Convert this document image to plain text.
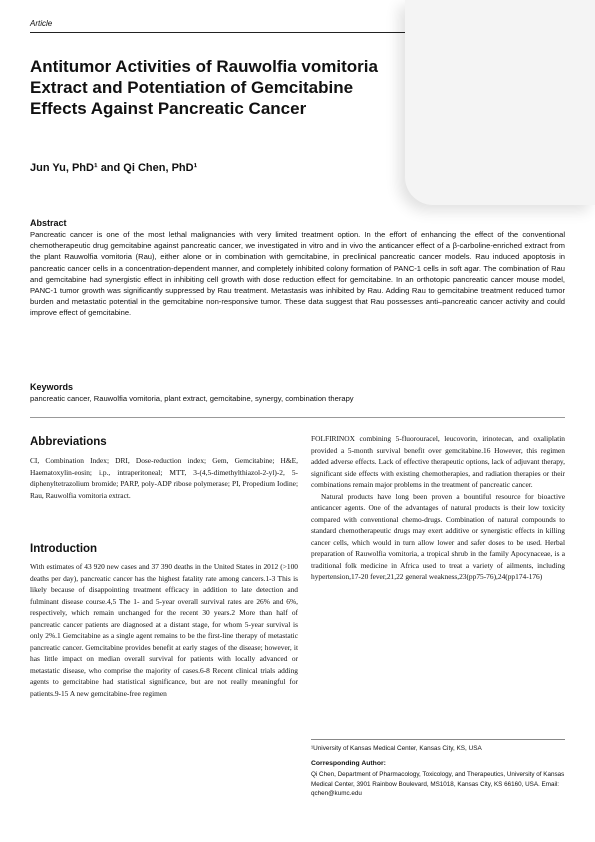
Article
Antitumor Activities of Rauwolfia vomitoria
Extract and Potentiation of Gemcitabine
Effects Against Pancreatic Cancer
Jun Yu, PhD¹ and Qi Chen, PhD¹
Abstract
Pancreatic cancer is one of the most lethal malignancies with very limited treatment option. In the effort of enhancing the effect of the conventional chemotherapeutic drug gemcitabine against pancreatic cancer, we investigated in vitro and in vivo the anticancer effect of a β-carboline-enriched extract from the plant Rauwolfia vomitoria (Rau), either alone or in combination with gemcitabine, in preclinical pancreatic cancer models. Rau induced apoptosis in pancreatic cancer cells in a concentration-dependent manner, and completely inhibited colony formation of PANC-1 cells in soft agar. The combination of Rau and gemcitabine had synergistic effect in inhibiting cell growth with dose reduction effect for gemcitabine. In an orthotopic pancreatic cancer mouse model, PANC-1 tumor growth was significantly suppressed by Rau treatment. Metastasis was inhibited by Rau. Adding Rau to gemcitabine treatment reduced tumor burden and metastatic potential in the gemcitabine non-responsive tumor. These data suggest that Rau possesses anti–pancreatic cancer activity and could improve effect of gemcitabine.
Keywords
pancreatic cancer, Rauwolfia vomitoria, plant extract, gemcitabine, synergy, combination therapy
Abbreviations

CI, Combination Index; DRI, Dose-reduction index; Gem, Gemcitabine; H&E, Haematoxylin-eosin; i.p., intraperitoneal; MTT, 3-(4,5-dimethylthiazol-2-yl)-2, 5-diphenyltetrazolium bromide; PARP, poly-ADP ribose polymerase; PI, Propedium Iodine; Rau, Rauwolfia vomitoria extract.

Introduction

With estimates of 43 920 new cases and 37 390 deaths in the United States in 2012 (>100 deaths per day), pancreatic cancer has the highest fatality rate among cancers.1-3 This is likely because of disappointing treatment efficacy in addition to late detection and fulminant disease course.4,5 The 1- and 5-year overall survival rates are 26% and 6%, respectively, which remain unchanged for the recent 30 years.2 More than half of pancreatic cancer patients are diagnosed at a distant stage, for whom 5-year survival is only 2%.1 Gemcitabine as a single agent remains to be the first-line therapy of metastatic pancreatic cancer. Gemcitabine provides benefit at early stages of the disease; however, it has little impact on median overall survival for patients with locally advanced or metastatic disease, who comprise the majority of cases.6-8 Recent clinical trials adding agents to gemcitabine had statistical significance, but are not really meaningful for patients.9-15 A new gemcitabine-free regimen

FOLFIRINOX combining 5-fluorouracel, leucovorin, irinotecan, and oxaliplatin provided a 5-month survival benefit over gemcitabine.16 However, this regimen added adverse effects. Lack of effective therapeutic options, lack of adjuvant therapy, significant side effects with existing chemotherapies, and radiation therapies or their combinations remain major problems in the treatment of pancreatic cancer.

Natural products have long been proven a bountiful resource for bioactive anticancer agents. One of the advantages of natural products is their low toxicity compared with conventional chemo-drugs. Combination of natural compounds to standard chemotherapeutic drugs may exert additive or synergistic effects in killing cancer cells, which would in turn allow lower and safer doses to be used. Herbal preparation of Rauwolfia vomitoria, a tropical shrub in the family Apocynaceae, is a traditional folk medicine in Africa used to treat a variety of ailments, including hypertension,17-20 fever,21,22 general weakness,23(pp75-76),24(pp174-176)

¹University of Kansas Medical Center, Kansas City, KS, USA
Corresponding Author:
Qi Chen, Department of Pharmacology, Toxicology, and Therapeutics, University of Kansas Medical Center, 3901 Rainbow Boulevard, MS1018, Kansas City, KS 66160, USA. Email: qchen@kumc.edu
